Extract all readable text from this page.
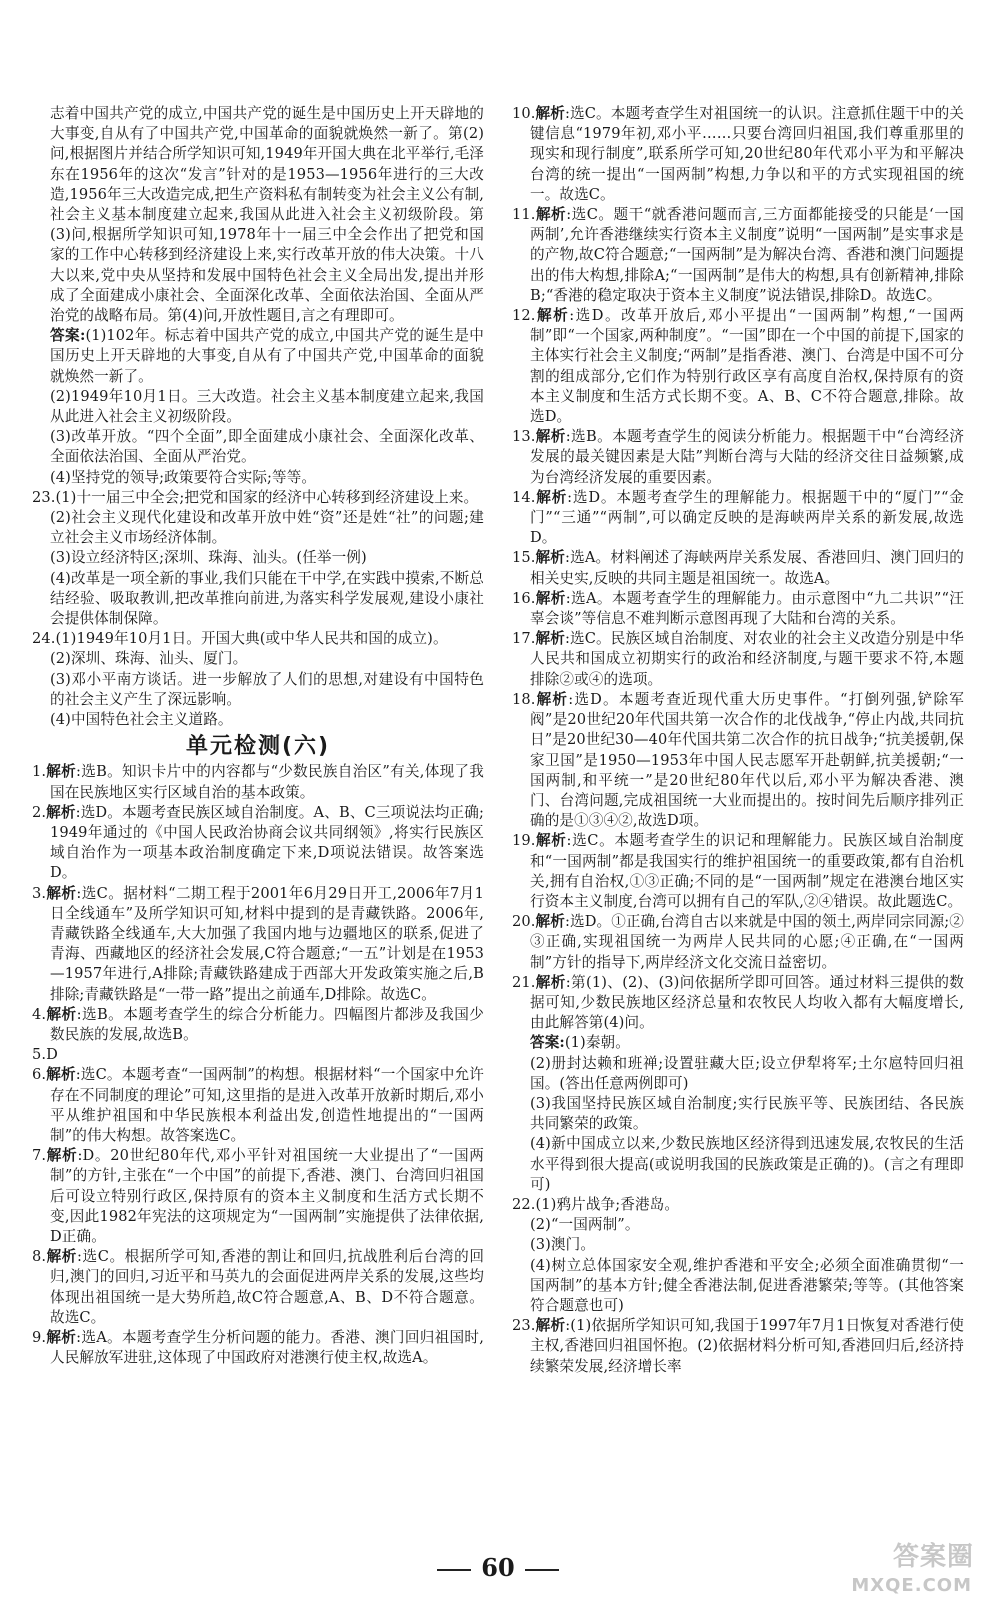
志着中国共产党的成立,中国共产党的诞生是中国历史上开天辟地的大事变,自从有了中国共产党,中国革命的面貌就焕然一新了。第(2)问,根据图片并结合所学知识可知,1949年开国大典在北平举行,毛泽东在1956年的这次“发言”针对的是1953—1956年进行的三大改造,1956年三大改造完成,把生产资料私有制转变为社会主义公有制,社会主义基本制度建立起来,我国从此进入社会主义初级阶段。第(3)问,根据所学知识可知,1978年十一届三中全会作出了把党和国家的工作中心转移到经济建设上来,实行改革开放的伟大决策。十八大以来,党中央从坚持和发展中国特色社会主义全局出发,提出并形成了全面建成小康社会、全面深化改革、全面依法治国、全面从严治党的战略布局。第(4)问,开放性题目,言之有理即可。

答案:(1)102年。标志着中国共产党的成立,中国共产党的诞生是中国历史上开天辟地的大事变,自从有了中国共产党,中国革命的面貌就焕然一新了。

(2)1949年10月1日。三大改造。社会主义基本制度建立起来,我国从此进入社会主义初级阶段。

(3)改革开放。“四个全面”,即全面建成小康社会、全面深化改革、全面依法治国、全面从严治党。

(4)坚持党的领导;政策要符合实际;等等。

23.(1)十一届三中全会;把党和国家的经济中心转移到经济建设上来。

(2)社会主义现代化建设和改革开放中姓“资”还是姓“社”的问题;建立社会主义市场经济体制。

(3)设立经济特区;深圳、珠海、汕头。(任举一例)

(4)改革是一项全新的事业,我们只能在干中学,在实践中摸索,不断总结经验、吸取教训,把改革推向前进,为落实科学发展观,建设小康社会提供体制保障。

24.(1)1949年10月1日。开国大典(或中华人民共和国的成立)。

(2)深圳、珠海、汕头、厦门。

(3)邓小平南方谈话。进一步解放了人们的思想,对建设有中国特色的社会主义产生了深远影响。

(4)中国特色社会主义道路。

单元检测(六)

1.解析:选B。知识卡片中的内容都与“少数民族自治区”有关,体现了我国在民族地区实行区域自治的基本政策。

2.解析:选D。本题考查民族区域自治制度。A、B、C三项说法均正确;1949年通过的《中国人民政治协商会议共同纲领》,将实行民族区域自治作为一项基本政治制度确定下来,D项说法错误。故答案选D。

3.解析:选C。据材料“二期工程于2001年6月29日开工,2006年7月1日全线通车”及所学知识可知,材料中提到的是青藏铁路。2006年,青藏铁路全线通车,大大加强了我国内地与边疆地区的联系,促进了青海、西藏地区的经济社会发展,C符合题意;“一五”计划是在1953—1957年进行,A排除;青藏铁路建成于西部大开发政策实施之后,B排除;青藏铁路是“一带一路”提出之前通车,D排除。故选C。

4.解析:选B。本题考查学生的综合分析能力。四幅图片都涉及我国少数民族的发展,故选B。

5.D

6.解析:选C。本题考查“一国两制”的构想。根据材料“一个国家中允许存在不同制度的理论”可知,这里指的是进入改革开放新时期后,邓小平从维护祖国和中华民族根本利益出发,创造性地提出的“一国两制”的伟大构想。故答案选C。

7.解析:D。20世纪80年代,邓小平针对祖国统一大业提出了“一国两制”的方针,主张在“一个中国”的前提下,香港、澳门、台湾回归祖国后可设立特别行政区,保持原有的资本主义制度和生活方式长期不变,因此1982年宪法的这项规定为“一国两制”实施提供了法律依据,D正确。

8.解析:选C。根据所学可知,香港的割让和回归,抗战胜利后台湾的回归,澳门的回归,习近平和马英九的会面促进两岸关系的发展,这些均体现出祖国统一是大势所趋,故C符合题意,A、B、D不符合题意。故选C。

9.解析:选A。本题考查学生分析问题的能力。香港、澳门回归祖国时,人民解放军进驻,这体现了中国政府对港澳行使主权,故选A。

10.解析:选C。本题考查学生对祖国统一的认识。注意抓住题干中的关键信息“1979年初,邓小平……只要台湾回归祖国,我们尊重那里的现实和现行制度”,联系所学可知,20世纪80年代邓小平为和平解决台湾的统一提出“一国两制”构想,力争以和平的方式实现祖国的统一。故选C。

11.解析:选C。题干“就香港问题而言,三方面都能接受的只能是‘一国两制’,允许香港继续实行资本主义制度”说明“一国两制”是实事求是的产物,故C符合题意;“一国两制”是为解决台湾、香港和澳门问题提出的伟大构想,排除A;“一国两制”是伟大的构想,具有创新精神,排除B;“香港的稳定取决于资本主义制度”说法错误,排除D。故选C。

12.解析:选D。改革开放后,邓小平提出“一国两制”构想,“一国两制”即“一个国家,两种制度”。“一国”即在一个中国的前提下,国家的主体实行社会主义制度;“两制”是指香港、澳门、台湾是中国不可分割的组成部分,它们作为特别行政区享有高度自治权,保持原有的资本主义制度和生活方式长期不变。A、B、C不符合题意,排除。故选D。

13.解析:选B。本题考查学生的阅读分析能力。根据题干中“台湾经济发展的最关键因素是大陆”判断台湾与大陆的经济交往日益频繁,成为台湾经济发展的重要因素。

14.解析:选D。本题考查学生的理解能力。根据题干中的“厦门”“金门”“三通”“两制”,可以确定反映的是海峡两岸关系的新发展,故选D。

15.解析:选A。材料阐述了海峡两岸关系发展、香港回归、澳门回归的相关史实,反映的共同主题是祖国统一。故选A。

16.解析:选A。本题考查学生的理解能力。由示意图中“九二共识”“汪辜会谈”等信息不难判断示意图再现了大陆和台湾的关系。

17.解析:选C。民族区域自治制度、对农业的社会主义改造分别是中华人民共和国成立初期实行的政治和经济制度,与题干要求不符,本题排除②或④的选项。

18.解析:选D。本题考查近现代重大历史事件。“打倒列强,铲除军阀”是20世纪20年代国共第一次合作的北伐战争,“停止内战,共同抗日”是20世纪30—40年代国共第二次合作的抗日战争;“抗美援朝,保家卫国”是1950—1953年中国人民志愿军开赴朝鲜,抗美援朝;“一国两制,和平统一”是20世纪80年代以后,邓小平为解决香港、澳门、台湾问题,完成祖国统一大业而提出的。按时间先后顺序排列正确的是①③④②,故选D项。

19.解析:选C。本题考查学生的识记和理解能力。民族区域自治制度和“一国两制”都是我国实行的维护祖国统一的重要政策,都有自治机关,拥有自治权,①③正确;不同的是“一国两制”规定在港澳台地区实行资本主义制度,台湾可以拥有自己的军队,②④错误。故此题选C。

20.解析:选D。①正确,台湾自古以来就是中国的领土,两岸同宗同源;②③正确,实现祖国统一为两岸人民共同的心愿;④正确,在“一国两制”方针的指导下,两岸经济文化交流日益密切。

21.解析:第(1)、(2)、(3)问依据所学即可回答。通过材料三提供的数据可知,少数民族地区经济总量和农牧民人均收入都有大幅度增长,由此解答第(4)问。

答案:(1)秦朝。

(2)册封达赖和班禅;设置驻藏大臣;设立伊犁将军;土尔扈特回归祖国。(答出任意两例即可)

(3)我国坚持民族区域自治制度;实行民族平等、民族团结、各民族共同繁荣的政策。

(4)新中国成立以来,少数民族地区经济得到迅速发展,农牧民的生活水平得到很大提高(或说明我国的民族政策是正确的)。(言之有理即可)

22.(1)鸦片战争;香港岛。

(2)“一国两制”。

(3)澳门。

(4)树立总体国家安全观,维护香港和平安全;必须全面准确贯彻“一国两制”的基本方针;健全香港法制,促进香港繁荣;等等。(其他答案符合题意也可)

23.解析:(1)依据所学知识可知,我国于1997年7月1日恢复对香港行使主权,香港回归祖国怀抱。(2)依据材料分析可知,香港回归后,经济持续繁荣发展,经济增长率

60	答案圈
MXQE.COM
